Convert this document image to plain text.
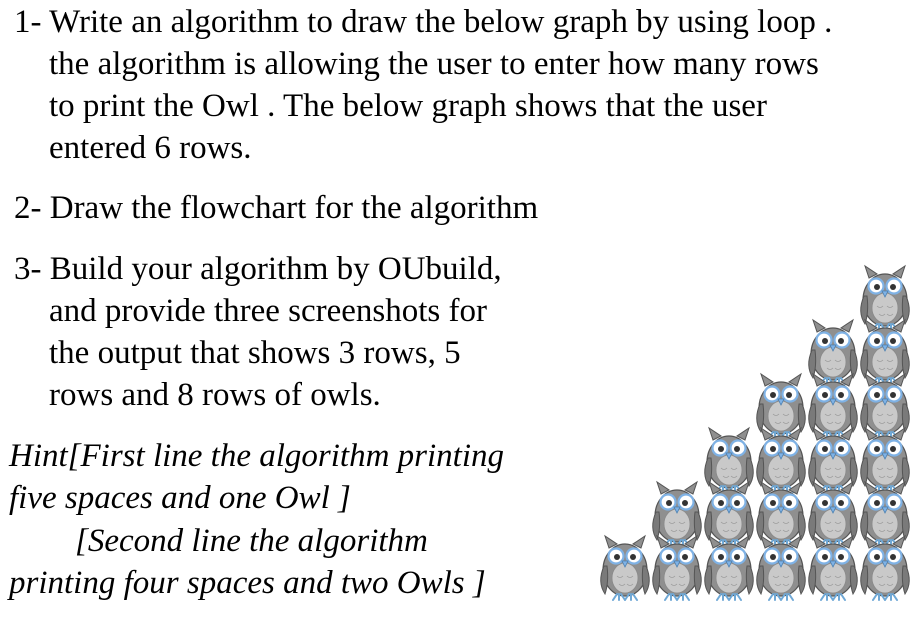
1- Write an algorithm to draw the below graph by using loop .
the algorithm is allowing the user to enter how many rows
to print the Owl . The below graph shows that the user
entered 6 rows.
2- Draw the flowchart for the algorithm
3- Build your algorithm by OUbuild,
and provide three screenshots for
the output that shows 3 rows, 5
rows and 8 rows of owls.
Hint[First line the algorithm printing
five spaces and one Owl ]
[Second line the algorithm
printing four spaces and two Owls ]
